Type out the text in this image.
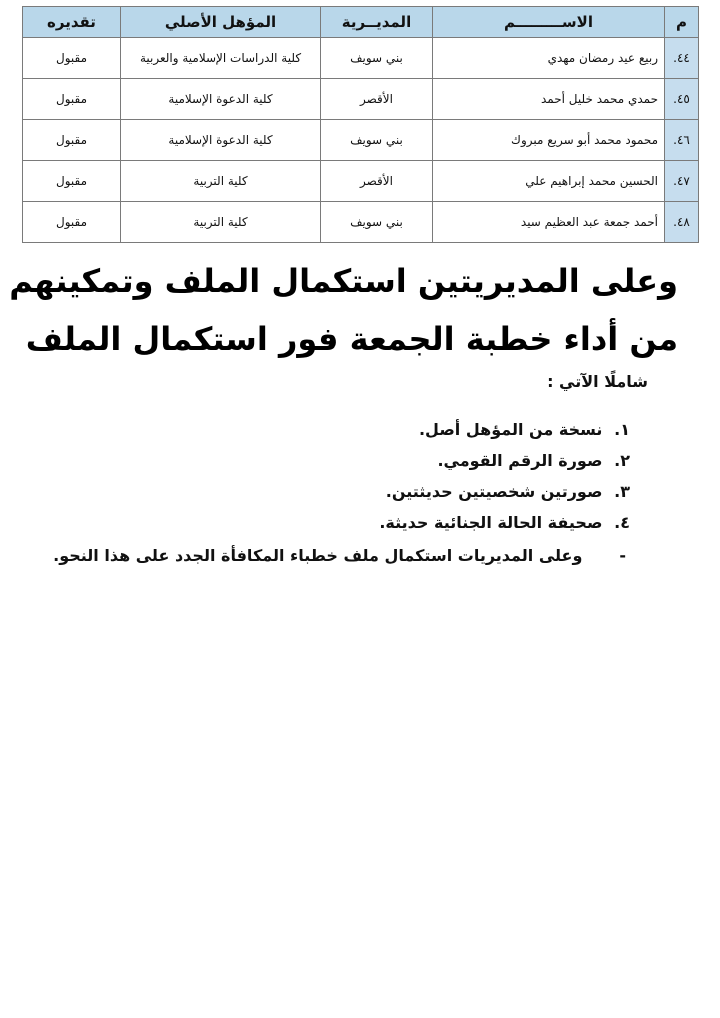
م	الاســـــــــم	المديــرية	المؤهل الأصلي	تقديره
٤٤.	ربيع عيد رمضان مهدي	بني سويف	كلية الدراسات الإسلامية والعربية	مقبول
٤٥.	حمدي محمد خليل أحمد	الأقصر	كلية الدعوة الإسلامية	مقبول
٤٦.	محمود محمد أبو سريع مبروك	بني سويف	كلية الدعوة الإسلامية	مقبول
٤٧.	الحسين محمد إبراهيم علي	الأقصر	كلية التربية	مقبول
٤٨.	أحمد جمعة عبد العظيم سيد	بني سويف	كلية التربية	مقبول
وعلى المديريتين استكمال الملف وتمكينهم
من أداء خطبة الجمعة فور استكمال الملف
شاملًا الآتي :
١. نسخة من المؤهل أصل.
٢. صورة الرقم القومي.
٣. صورتين شخصيتين حديثتين.
٤. صحيفة الحالة الجنائية حديثة.
- وعلى المديريات استكمال ملف خطباء المكافأة الجدد على هذا النحو.
